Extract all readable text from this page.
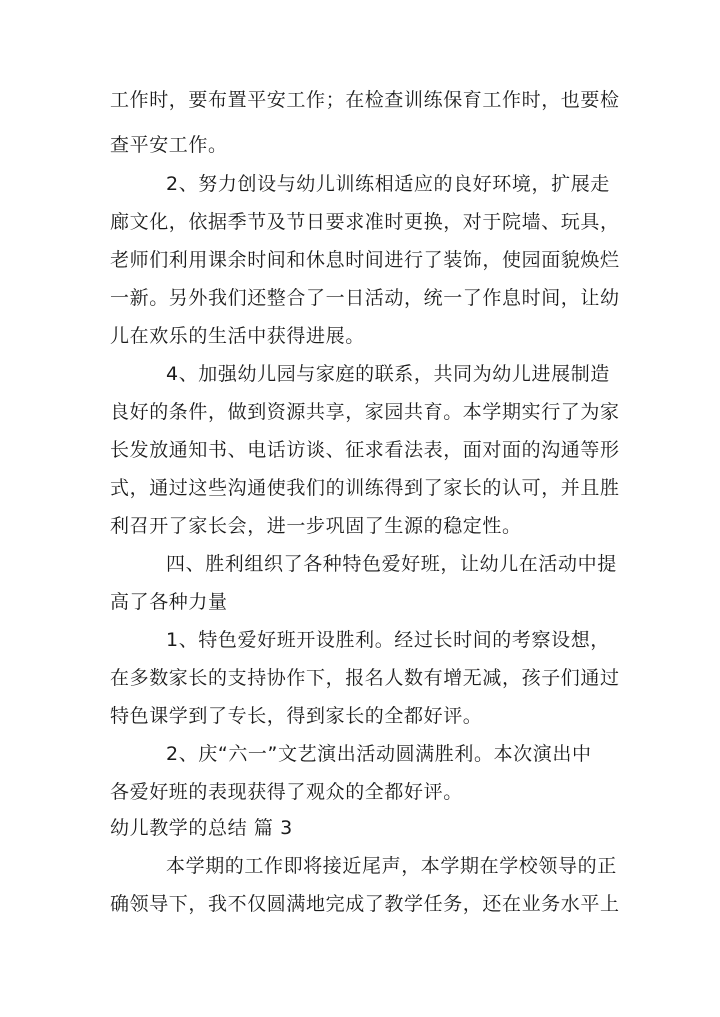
工作时，要布置平安工作；在检查训练保育工作时，也要检
查平安工作。
2、努力创设与幼儿训练相适应的良好环境，扩展走
廊文化，依据季节及节日要求准时更换，对于院墙、玩具，
老师们利用课余时间和休息时间进行了装饰，使园面貌焕烂
一新。另外我们还整合了一日活动，统一了作息时间，让幼
儿在欢乐的生活中获得进展。
4、加强幼儿园与家庭的联系，共同为幼儿进展制造
良好的条件，做到资源共享，家园共育。本学期实行了为家
长发放通知书、电话访谈、征求看法表，面对面的沟通等形
式，通过这些沟通使我们的训练得到了家长的认可，并且胜
利召开了家长会，进一步巩固了生源的稳定性。
四、胜利组织了各种特色爱好班，让幼儿在活动中提
高了各种力量
1、特色爱好班开设胜利。经过长时间的考察设想，
在多数家长的支持协作下，报名人数有增无减，孩子们通过
特色课学到了专长，得到家长的全都好评。
2、庆“六一”文艺演出活动圆满胜利。本次演出中
各爱好班的表现获得了观众的全都好评。
幼儿教学的总结 篇 3
本学期的工作即将接近尾声，本学期在学校领导的正
确领导下，我不仅圆满地完成了教学任务，还在业务水平上
